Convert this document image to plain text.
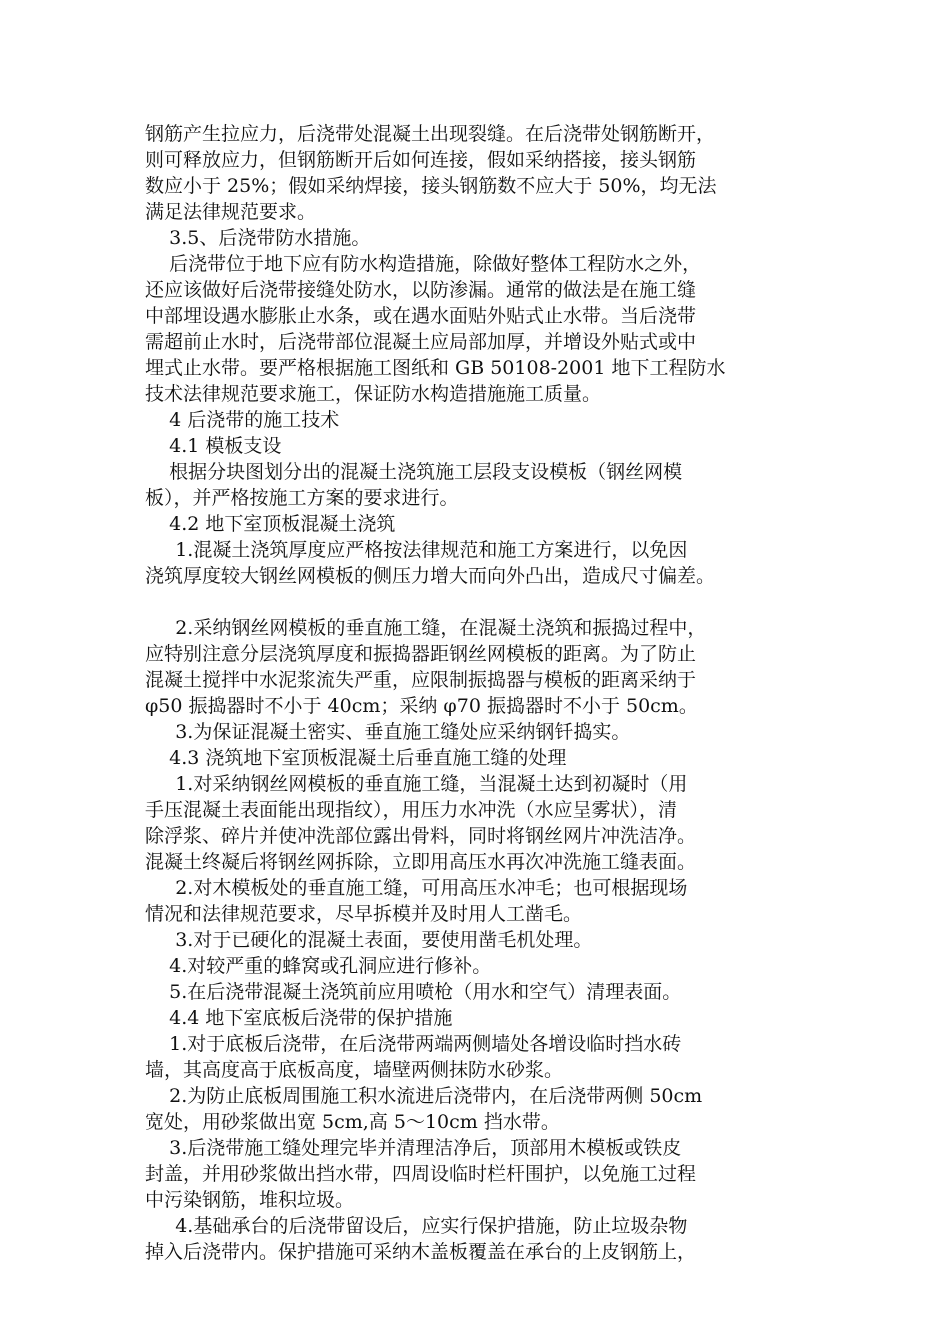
钢筋产生拉应力，后浇带处混凝土出现裂缝。在后浇带处钢筋断开，
则可释放应力，但钢筋断开后如何连接，假如采纳搭接，接头钢筋
数应小于 25%；假如采纳焊接，接头钢筋数不应大于 50%，均无法
满足法律规范要求。
3.5、后浇带防水措施。
后浇带位于地下应有防水构造措施，除做好整体工程防水之外，
还应该做好后浇带接缝处防水，以防渗漏。通常的做法是在施工缝
中部埋设遇水膨胀止水条，或在遇水面贴外贴式止水带。当后浇带
需超前止水时，后浇带部位混凝土应局部加厚，并增设外贴式或中
埋式止水带。要严格根据施工图纸和 GB 50108-2001 地下工程防水
技术法律规范要求施工，保证防水构造措施施工质量。
4 后浇带的施工技术
4.1 模板支设
根据分块图划分出的混凝土浇筑施工层段支设模板（钢丝网模
板），并严格按施工方案的要求进行。
4.2 地下室顶板混凝土浇筑
1.混凝土浇筑厚度应严格按法律规范和施工方案进行，以免因
浇筑厚度较大钢丝网模板的侧压力增大而向外凸出，造成尺寸偏差。
2.采纳钢丝网模板的垂直施工缝，在混凝土浇筑和振捣过程中，
应特别注意分层浇筑厚度和振捣器距钢丝网模板的距离。为了防止
混凝土搅拌中水泥浆流失严重，应限制振捣器与模板的距离采纳于
φ50 振捣器时不小于 40cm；采纳 φ70 振捣器时不小于 50cm。
3.为保证混凝土密实、垂直施工缝处应采纳钢钎捣实。
4.3 浇筑地下室顶板混凝土后垂直施工缝的处理
1.对采纳钢丝网模板的垂直施工缝，当混凝土达到初凝时（用
手压混凝土表面能出现指纹），用压力水冲洗（水应呈雾状），清
除浮浆、碎片并使冲洗部位露出骨料，同时将钢丝网片冲洗洁净。
混凝土终凝后将钢丝网拆除，立即用高压水再次冲洗施工缝表面。
2.对木模板处的垂直施工缝，可用高压水冲毛；也可根据现场
情况和法律规范要求，尽早拆模并及时用人工凿毛。
3.对于已硬化的混凝土表面，要使用凿毛机处理。
4.对较严重的蜂窝或孔洞应进行修补。
5.在后浇带混凝土浇筑前应用喷枪（用水和空气）清理表面。
4.4 地下室底板后浇带的保护措施
1.对于底板后浇带，在后浇带两端两侧墙处各增设临时挡水砖
墙，其高度高于底板高度，墙壁两侧抹防水砂浆。
2.为防止底板周围施工积水流进后浇带内，在后浇带两侧 50cm
宽处，用砂浆做出宽 5cm,高 5～10cm 挡水带。
3.后浇带施工缝处理完毕并清理洁净后，顶部用木模板或铁皮
封盖，并用砂浆做出挡水带，四周设临时栏杆围护，以免施工过程
中污染钢筋，堆积垃圾。
4.基础承台的后浇带留设后，应实行保护措施，防止垃圾杂物
掉入后浇带内。保护措施可采纳木盖板覆盖在承台的上皮钢筋上，
